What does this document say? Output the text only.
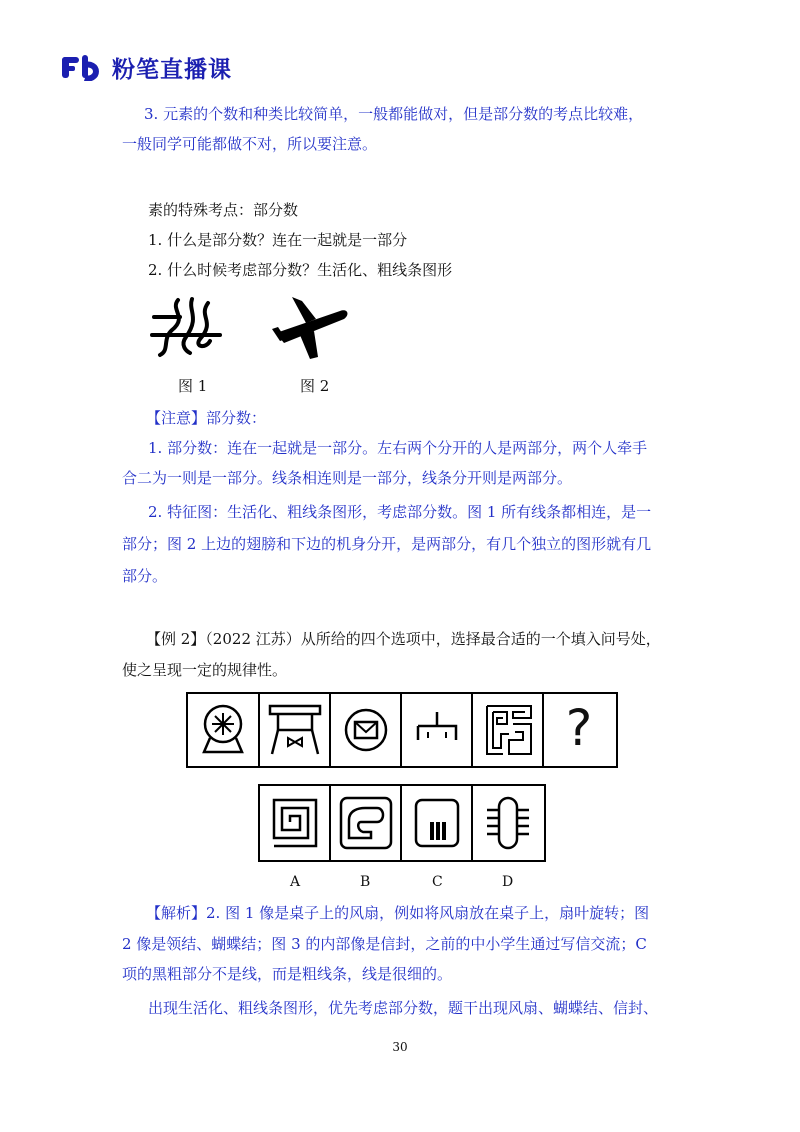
粉笔直播课
3. 元素的个数和种类比较简单，一般都能做对，但是部分数的考点比较难，
一般同学可能都做不对，所以要注意。
素的特殊考点：部分数
1. 什么是部分数？连在一起就是一部分
2. 什么时候考虑部分数？生活化、粗线条图形
图 1	图 2
【注意】部分数：
1. 部分数：连在一起就是一部分。左右两个分开的人是两部分，两个人牵手
合二为一则是一部分。线条相连则是一部分，线条分开则是两部分。
2. 特征图：生活化、粗线条图形，考虑部分数。图 1 所有线条都相连，是一
部分；图 2 上边的翅膀和下边的机身分开，是两部分，有几个独立的图形就有几
部分。
【例 2】（2022 江苏）从所给的四个选项中，选择最合适的一个填入问号处，
使之呈现一定的规律性。
?
A	B	C	D
【解析】2. 图 1 像是桌子上的风扇，例如将风扇放在桌子上，扇叶旋转；图
2 像是领结、蝴蝶结；图 3 的内部像是信封，之前的中小学生通过写信交流；C
项的黑粗部分不是线，而是粗线条，线是很细的。
出现生活化、粗线条图形，优先考虑部分数，题干出现风扇、蝴蝶结、信封、
30
